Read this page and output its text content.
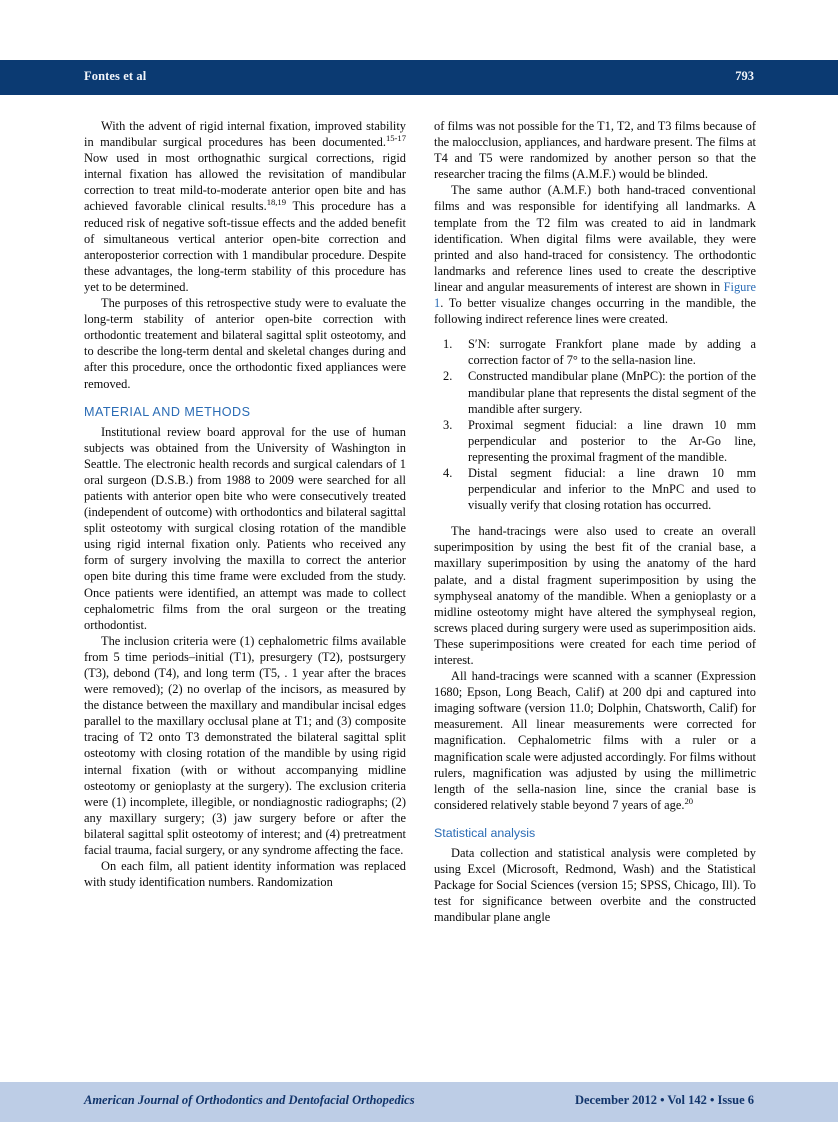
Fontes et al	793

With the advent of rigid internal fixation, improved stability in mandibular surgical procedures has been documented.$^{15-17}$ Now used in most orthognathic surgical corrections, rigid internal fixation has allowed the revisitation of mandibular correction to treat mild-to-moderate anterior open bite and has achieved favorable clinical results.$^{18,19}$ This procedure has a reduced risk of negative soft-tissue effects and the added benefit of simultaneous vertical anterior open-bite correction and anteroposterior correction with 1 mandibular procedure. Despite these advantages, the long-term stability of this procedure has yet to be determined.

The purposes of this retrospective study were to evaluate the long-term stability of anterior open-bite correction with orthodontic treatement and bilateral sagittal split osteotomy, and to describe the long-term dental and skeletal changes during and after this procedure, once the orthodontic fixed appliances were removed.

MATERIAL AND METHODS

Institutional review board approval for the use of human subjects was obtained from the University of Washington in Seattle. The electronic health records and surgical calendars of 1 oral surgeon (D.S.B.) from 1988 to 2009 were searched for all patients with anterior open bite who were consecutively treated (independent of outcome) with orthodontics and bilateral sagittal split osteotomy with surgical closing rotation of the mandible using rigid internal fixation only. Patients who received any form of surgery involving the maxilla to correct the anterior open bite during this time frame were excluded from the study. Once patients were identified, an attempt was made to collect cephalometric films from the oral surgeon or the treating orthodontist.

The inclusion criteria were (1) cephalometric films available from 5 time periods–initial (T1), presurgery (T2), postsurgery (T3), debond (T4), and long term (T5, . 1 year after the braces were removed); (2) no overlap of the incisors, as measured by the distance between the maxillary and mandibular incisal edges parallel to the maxillary occlusal plane at T1; and (3) composite tracing of T2 onto T3 demonstrated the bilateral sagittal split osteotomy with closing rotation of the mandible by using rigid internal fixation (with or without accompanying midline osteotomy or genioplasty at the surgery). The exclusion criteria were (1) incomplete, illegible, or nondiagnostic radiographs; (2) any maxillary surgery; (3) jaw surgery before or after the bilateral sagittal split osteotomy of interest; and (4) pretreatment facial trauma, facial surgery, or any syndrome affecting the face.

On each film, all patient identity information was replaced with study identification numbers. Randomization

of films was not possible for the T1, T2, and T3 films because of the malocclusion, appliances, and hardware present. The films at T4 and T5 were randomized by another person so that the researcher tracing the films (A.M.F.) would be blinded.

The same author (A.M.F.) both hand-traced conventional films and was responsible for identifying all landmarks. A template from the T2 film was created to aid in landmark identification. When digital films were available, they were printed and also hand-traced for consistency. The orthodontic landmarks and reference lines used to create the descriptive linear and angular measurements of interest are shown in Figure 1. To better visualize changes occurring in the mandible, the following indirect reference lines were created.

1. S′N: surrogate Frankfort plane made by adding a correction factor of 7° to the sella-nasion line.
2. Constructed mandibular plane (MnPC): the portion of the mandibular plane that represents the distal segment of the mandible after surgery.
3. Proximal segment fiducial: a line drawn 10 mm perpendicular and posterior to the Ar-Go line, representing the proximal fragment of the mandible.
4. Distal segment fiducial: a line drawn 10 mm perpendicular and inferior to the MnPC and used to visually verify that closing rotation has occurred.

The hand-tracings were also used to create an overall superimposition by using the best fit of the cranial base, a maxillary superimposition by using the anatomy of the hard palate, and a distal fragment superimposition by using the symphyseal anatomy of the mandible. When a genioplasty or a midline osteotomy might have altered the symphyseal region, screws placed during surgery were used as superimposition aids. These superimpositions were created for each time period of interest.

All hand-tracings were scanned with a scanner (Expression 1680; Epson, Long Beach, Calif) at 200 dpi and captured into imaging software (version 11.0; Dolphin, Chatsworth, Calif) for measurement. All linear measurements were corrected for magnification. Cephalometric films with a ruler or a magnification scale were adjusted accordingly. For films without rulers, magnification was adjusted by using the millimetric length of the sella-nasion line, since the cranial base is considered relatively stable beyond 7 years of age.$^{20}$

Statistical analysis

Data collection and statistical analysis were completed by using Excel (Microsoft, Redmond, Wash) and the Statistical Package for Social Sciences (version 15; SPSS, Chicago, Ill). To test for significance between overbite and the constructed mandibular plane angle

American Journal of Orthodontics and Dentofacial Orthopedics	December 2012 • Vol 142 • Issue 6
